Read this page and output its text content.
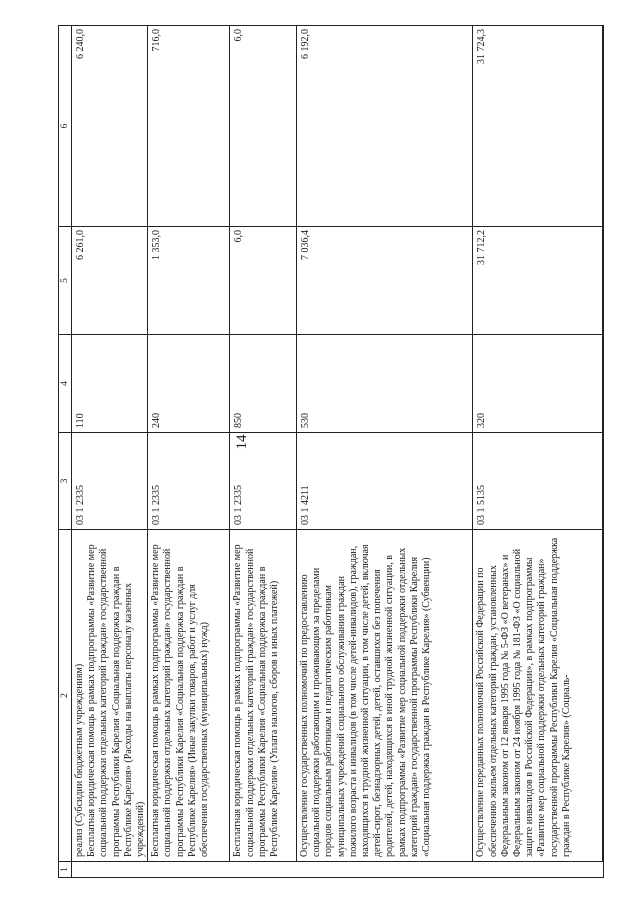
14
1	2	3	4	5	6

	реализ (Субсидии бюджетным учреждениям) Бесплатная юридическая помощь в рамках подпрограммы «Развитие мер социальной поддержки отдельных категорий граждан» государственной программы Республики Карелия «Социальная поддержка граждан в Республике Карелия» (Расходы на выплаты персоналу казенных учреждений)	03 1 2335	110	6 261,0	6 240,0
	Бесплатная юридическая помощь в рамках подпрограммы «Развитие мер социальной поддержки отдельных категорий граждан» государственной программы Республики Карелия «Социальная поддержка граждан в Республике Карелия» (Иные закупки товаров, работ и услуг для обеспечения государственных (муниципальных) нужд)	03 1 2335	240	1 353,0	716,0
	Бесплатная юридическая помощь в рамках подпрограммы «Развитие мер социальной поддержки отдельных категорий граждан» государственной программы Республики Карелия «Социальная поддержка граждан в Республике Карелия» (Уплата налогов, сборов и иных платежей)	03 1 2335	850	6,0	6,0
	Осуществление государственных полномочий по предоставлению социальной поддержки работающим и проживающим за пределами городов социальным работникам и педагогическим работникам муниципальных учреждений социального обслуживания граждан пожилого возраста и инвалидов (в том числе детей-инвалидов), граждан, находящихся в трудной жизненной ситуации, в том числе детей, включая детей-сирот, безнадзорных детей, детей, оставшихся без попечения родителей, детей, находящихся в иной трудной жизненной ситуации, в рамках подпрограммы «Развитие мер социальной поддержки отдельных категорий граждан» государственной программы Республики Карелия «Социальная поддержка граждан в Республике Карелия» (Субвенции)	03 1 4211	530	7 036,4	6 192,0
	Осуществление переданных полномочий Российской Федерации по обеспечению жильем отдельных категорий граждан, установленных Федеральным законом от 12 января 1995 года № 5-ФЗ «О ветеранах» и Федеральным законом от 24 ноября 1995 года № 181-ФЗ «О социальной защите инвалидов в Российской Федерации», в рамках подпрограммы «Развитие мер социальной поддержки отдельных категорий граждан» государственной программы Республики Карелия «Социальная поддержка граждан в Республике Карелия» (Социаль-	03 1 5135	320	31 712,2	31 724,3
